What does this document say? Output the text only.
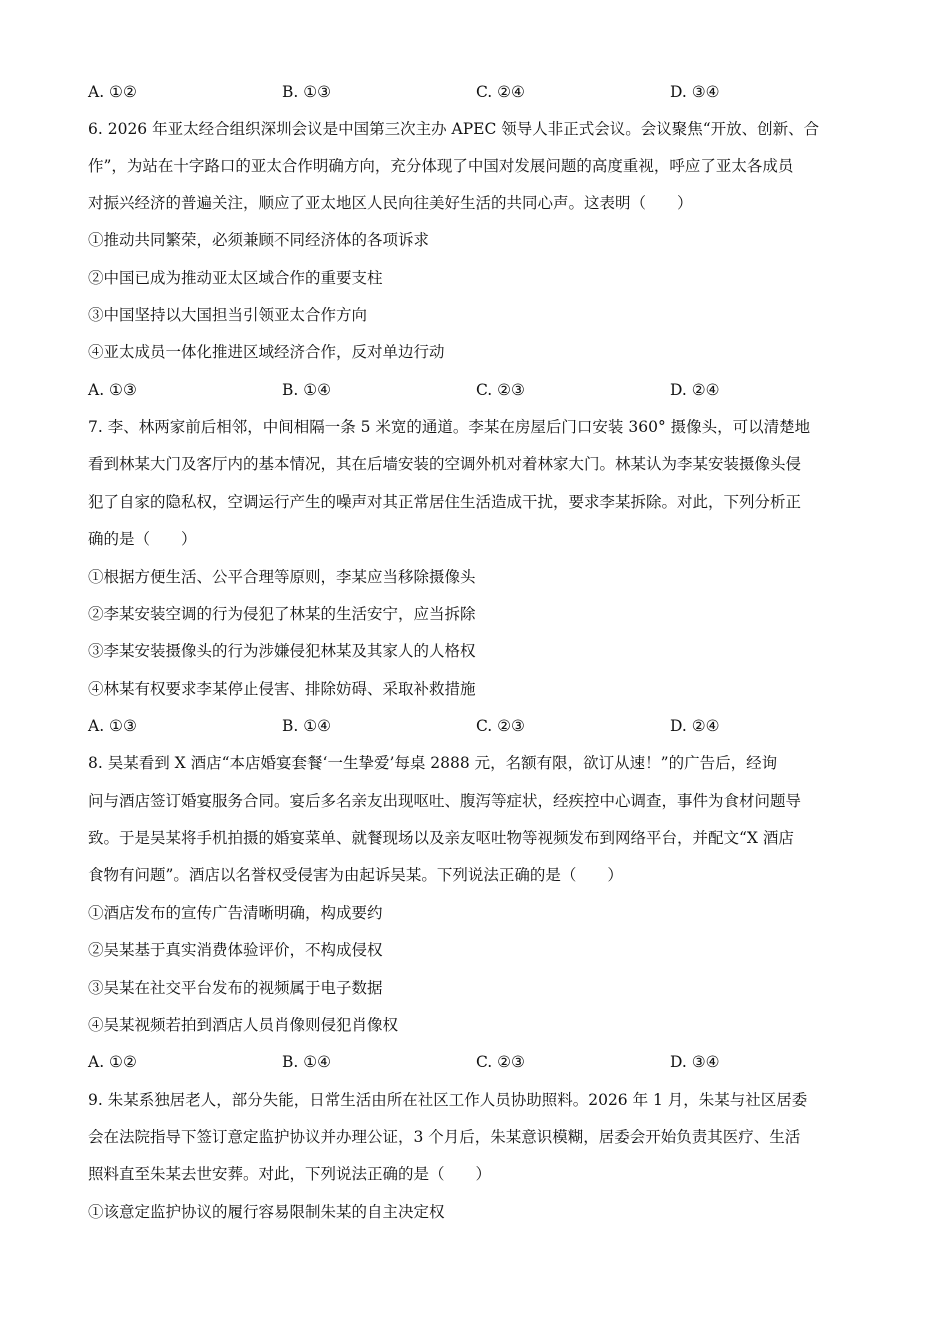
A. ①②	B. ①③	C. ②④	D. ③④
6. 2026 年亚太经合组织深圳会议是中国第三次主办 APEC 领导人非正式会议。会议聚焦“开放、创新、合
作”，为站在十字路口的亚太合作明确方向，充分体现了中国对发展问题的高度重视，呼应了亚太各成员
对振兴经济的普遍关注，顺应了亚太地区人民向往美好生活的共同心声。这表明（　　）
①推动共同繁荣，必须兼顾不同经济体的各项诉求
②中国已成为推动亚太区域合作的重要支柱
③中国坚持以大国担当引领亚太合作方向
④亚太成员一体化推进区域经济合作，反对单边行动
A. ①③	B. ①④	C. ②③	D. ②④
7. 李、林两家前后相邻，中间相隔一条 5 米宽的通道。李某在房屋后门口安装 360° 摄像头，可以清楚地
看到林某大门及客厅内的基本情况，其在后墙安装的空调外机对着林家大门。林某认为李某安装摄像头侵
犯了自家的隐私权，空调运行产生的噪声对其正常居住生活造成干扰，要求李某拆除。对此，下列分析正
确的是（　　）
①根据方便生活、公平合理等原则，李某应当移除摄像头
②李某安装空调的行为侵犯了林某的生活安宁，应当拆除
③李某安装摄像头的行为涉嫌侵犯林某及其家人的人格权
④林某有权要求李某停止侵害、排除妨碍、采取补救措施
A. ①③	B. ①④	C. ②③	D. ②④
8. 吴某看到 X 酒店“本店婚宴套餐‘一生挚爱’每桌 2888 元，名额有限，欲订从速！”的广告后，经询
问与酒店签订婚宴服务合同。宴后多名亲友出现呕吐、腹泻等症状，经疾控中心调查，事件为食材问题导
致。于是吴某将手机拍摄的婚宴菜单、就餐现场以及亲友呕吐物等视频发布到网络平台，并配文“X 酒店
食物有问题”。酒店以名誉权受侵害为由起诉吴某。下列说法正确的是（　　）
①酒店发布的宣传广告清晰明确，构成要约
②吴某基于真实消费体验评价，不构成侵权
③吴某在社交平台发布的视频属于电子数据
④吴某视频若拍到酒店人员肖像则侵犯肖像权
A. ①②	B. ①④	C. ②③	D. ③④
9. 朱某系独居老人，部分失能，日常生活由所在社区工作人员协助照料。2026 年 1 月，朱某与社区居委
会在法院指导下签订意定监护协议并办理公证，3 个月后，朱某意识模糊，居委会开始负责其医疗、生活
照料直至朱某去世安葬。对此，下列说法正确的是（　　）
①该意定监护协议的履行容易限制朱某的自主决定权
